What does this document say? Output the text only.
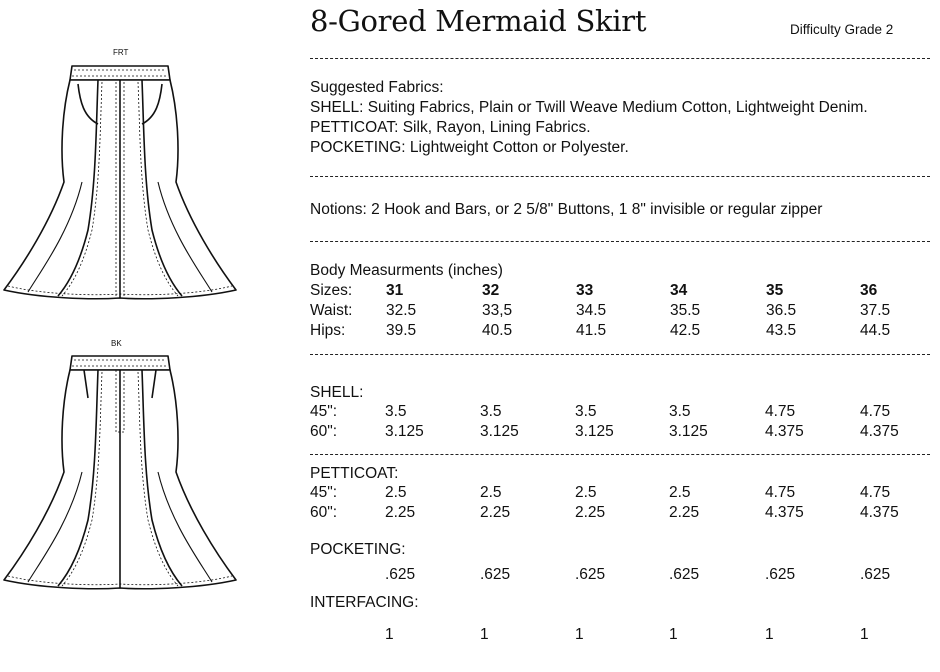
8-Gored Mermaid Skirt	Difficulty Grade 2
Suggested Fabrics:
SHELL: Suiting Fabrics, Plain or Twill Weave Medium Cotton, Lightweight Denim.
PETTICOAT: Silk, Rayon, Lining Fabrics.
POCKETING: Lightweight Cotton or Polyester.
Notions: 2 Hook and Bars, or 2 5/8" Buttons, 1 8" invisible or regular zipper
Body Measurments (inches)
Sizes: 31	32	33	34	35	36
Waist: 32.5	33,5	34.5	35.5	36.5	37.5
Hips:	39.5	40.5	41.5	42.5	43.5	44.5
SHELL:
45":	3.5	3.5	3.5	3.5	4.75	4.75
60":	3.125	3.125	3.125	3.125	4.375	4.375
PETTICOAT:
45":	2.5	2.5	2.5	2.5	4.75	4.75
60":	2.25	2.25	2.25	2.25	4.375	4.375
POCKETING:
.625	.625	.625	.625	.625	.625
INTERFACING:
1	1	1	1	1	1
FRT
BK
